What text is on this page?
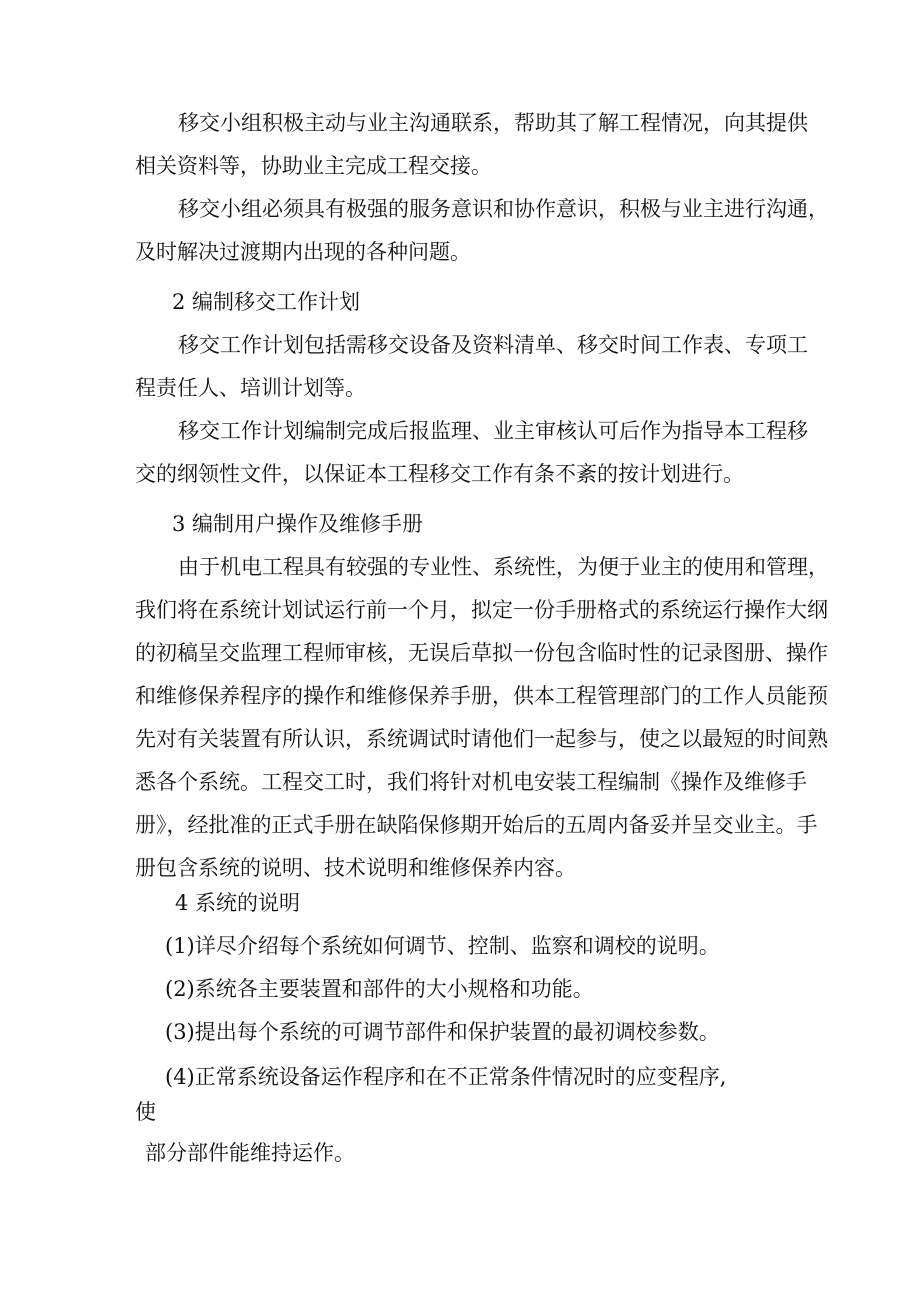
移交小组积极主动与业主沟通联系，帮助其了解工程情况，向其提供
相关资料等，协助业主完成工程交接。
移交小组必须具有极强的服务意识和协作意识，积极与业主进行沟通，
及时解决过渡期内出现的各种问题。
2 编制移交工作计划
移交工作计划包括需移交设备及资料清单、移交时间工作表、专项工
程责任人、培训计划等。
移交工作计划编制完成后报监理、业主审核认可后作为指导本工程移
交的纲领性文件，以保证本工程移交工作有条不紊的按计划进行。
3 编制用户操作及维修手册
由于机电工程具有较强的专业性、系统性，为便于业主的使用和管理，
我们将在系统计划试运行前一个月，拟定一份手册格式的系统运行操作大纲
的初稿呈交监理工程师审核，无误后草拟一份包含临时性的记录图册、操作
和维修保养程序的操作和维修保养手册，供本工程管理部门的工作人员能预
先对有关装置有所认识，系统调试时请他们一起参与，使之以最短的时间熟
悉各个系统。工程交工时，我们将针对机电安装工程编制《操作及维修手
册》，经批准的正式手册在缺陷保修期开始后的五周内备妥并呈交业主。手
册包含系统的说明、技术说明和维修保养内容。
4 系统的说明
(1)详尽介绍每个系统如何调节、控制、监察和调校的说明。
(2)系统各主要装置和部件的大小规格和功能。
(3)提出每个系统的可调节部件和保护装置的最初调校参数。
(4)正常系统设备运作程序和在不正常条件情况时的应变程序,
使
部分部件能维持运作。
